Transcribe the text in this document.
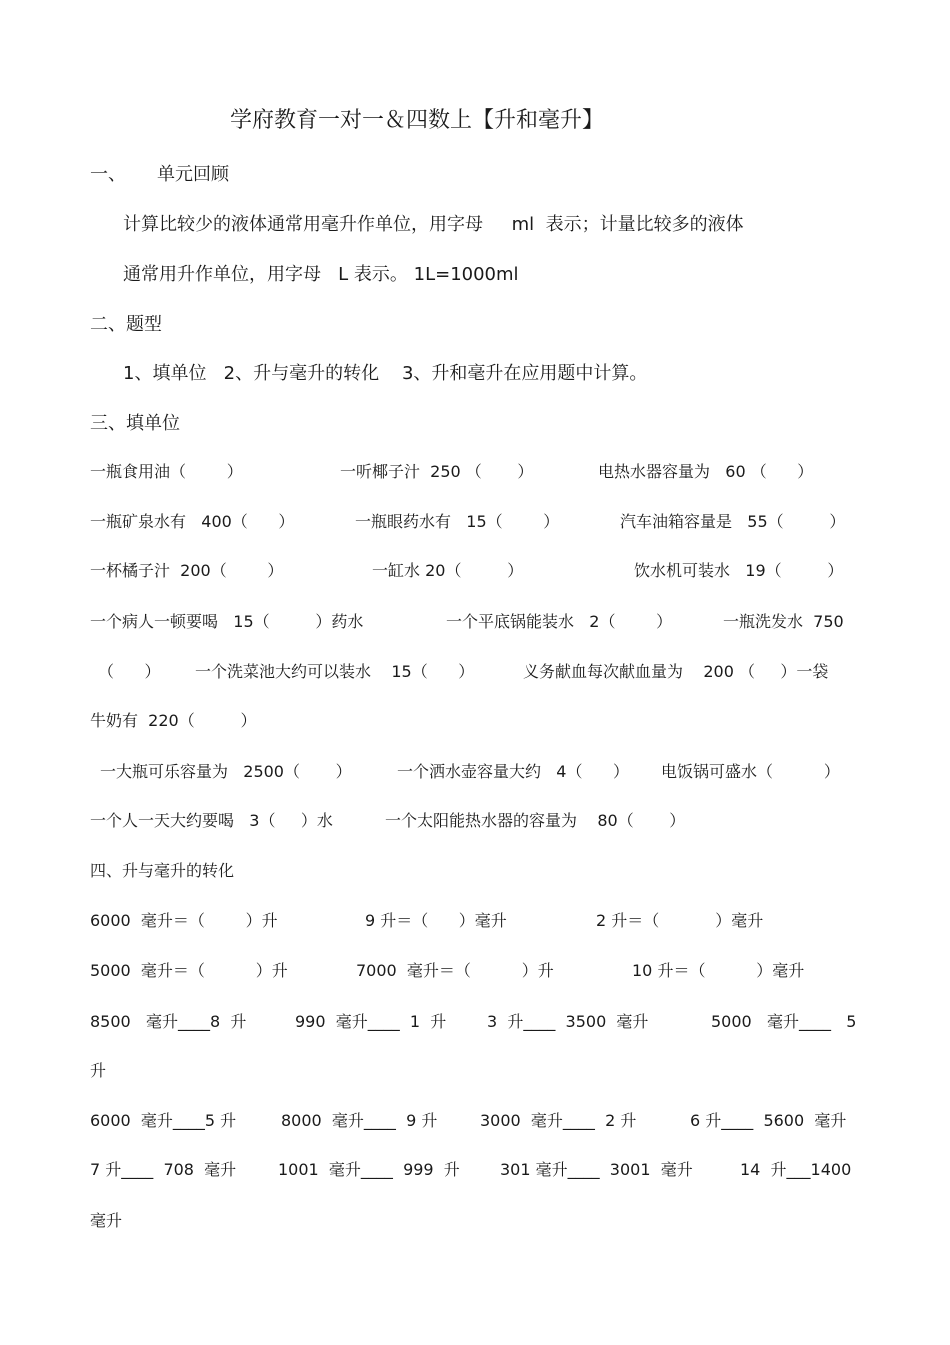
学府教育一对一＆四数上【升和毫升】

一、 单元回顾

计算比较少的液体通常用毫升作单位，用字母     ml  表示；计量比较多的液体

通常用升作单位，用字母   L 表示。 1L=1000ml

二、题型

1、填单位   2、升与毫升的转化    3、升和毫升在应用题中计算。

三、填单位

一瓶食用油（        ）	一听椰子汁  250 （       ）	电热水器容量为   60 （      ）

一瓶矿泉水有   400（      ）	一瓶眼药水有   15（        ）	汽车油箱容量是   55（         ）

一杯橘子汁  200（        ）	一缸水 20（         ）	饮水机可装水   19（         ）

一个病人一顿要喝   15（         ）药水	一个平底锅能装水   2（        ）	一瓶洗发水  750

（      ） 一个洗菜池大约可以装水    15（      ）	义务献血每次献血量为    200 （     ）一袋

牛奶有  220（         ）

一大瓶可乐容量为   2500（       ）	一个洒水壶容量大约   4（      ） 电饭锅可盛水（          ）

一个人一天大约要喝   3（     ）水	一个太阳能热水器的容量为    80（       ）

四、升与毫升的转化

6000  毫升＝（        ）升	9 升＝（      ）毫升	2 升＝（           ）毫升

5000  毫升＝（          ）升	7000  毫升＝（          ）升	10 升＝（          ）毫升

8500   毫升____8  升	990  毫升____  1  升	3  升____  3500  毫升	5000   毫升____   5

升

6000  毫升____5 升	8000  毫升____  9 升	3000  毫升____  2 升	6 升____  5600  毫升

7 升____  708  毫升	1001  毫升____  999  升	301 毫升____  3001  毫升	14  升___1400

毫升
